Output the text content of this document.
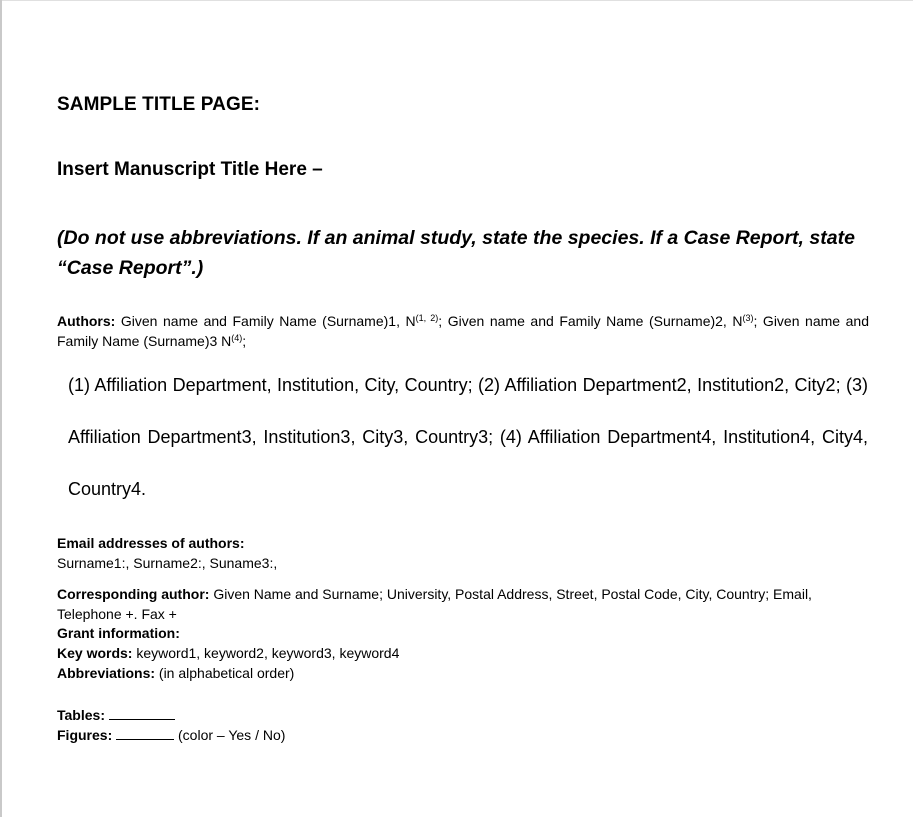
SAMPLE TITLE PAGE:
Insert Manuscript Title Here –
(Do not use abbreviations. If an animal study, state the species. If a Case Report, state “Case Report”.)
Authors: Given name and Family Name (Surname)1, N$^{(1, 2)}$; Given name and Family Name (Surname)2, $N^{(3)}$; Given name and Family Name (Surname)3 $N^{(4)}$;
(1) Affiliation Department, Institution, City, Country; (2) Affiliation Department2, Institution2, City2; (3) Affiliation Department3, Institution3, City3, Country3; (4) Affiliation Department4, Institution4, City4, Country4.
Email addresses of authors:
Surname1:, Surname2:, Suname3:,
Corresponding author: Given Name and Surname; University, Postal Address, Street, Postal Code, City, Country; Email, Telephone +. Fax +
Grant information:
Key words: keyword1, keyword2, keyword3, keyword4
Abbreviations: (in alphabetical order)
Tables:
Figures:	(color – Yes / No)
